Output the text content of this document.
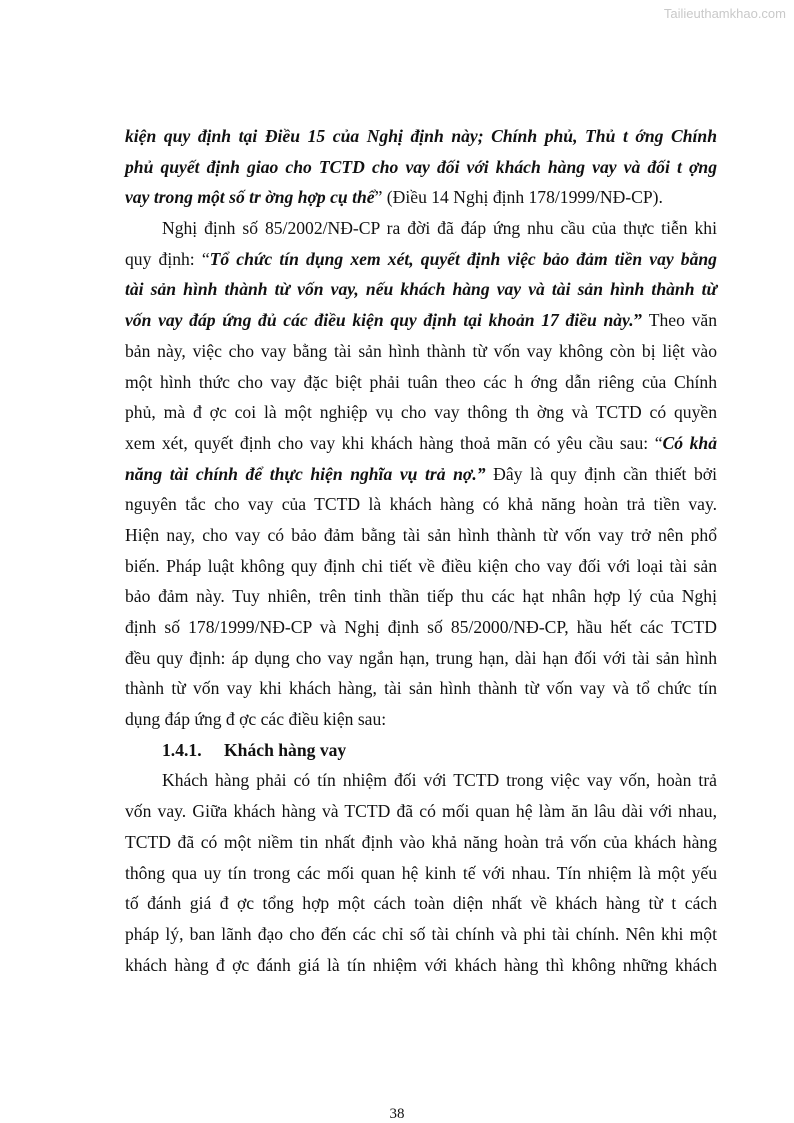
Tailieuthamkhao.com
kiện quy định tại Điều 15 của Nghị định này; Chính phủ, Thủ t ớng Chính
phủ quyết định giao cho TCTD cho vay đối với khách hàng vay và đối t ợng
vay trong một số tr ờng hợp cụ thể” (Điều 14 Nghị định 178/1999/NĐ-CP).
Nghị định số 85/2002/NĐ-CP ra đời đã đáp ứng nhu cầu của thực tiễn khi
quy định: “Tổ chức tín dụng xem xét, quyết định việc bảo đảm tiền vay bằng
tài sản hình thành từ vốn vay, nếu khách hàng vay và tài sản hình thành từ
vốn vay đáp ứng đủ các điều kiện quy định tại khoản 17 điều này.” Theo văn
bản này, việc cho vay bằng tài sản hình thành từ vốn vay không còn bị liệt vào
một hình thức cho vay đặc biệt phải tuân theo các h ớng dẫn riêng của Chính
phủ, mà đ ợc coi là một nghiệp vụ cho vay thông th ờng và TCTD có quyền
xem xét, quyết định cho vay khi khách hàng thoả mãn có yêu cầu sau: “Có khả
năng tài chính để thực hiện nghĩa vụ trả nợ.” Đây là quy định cần thiết bởi
nguyên tắc cho vay của TCTD là khách hàng có khả năng hoàn trả tiền vay.
Hiện nay, cho vay có bảo đảm bằng tài sản hình thành từ vốn vay trở nên phổ
biến. Pháp luật không quy định chi tiết về điều kiện cho vay đối với loại tài sản
bảo đảm này. Tuy nhiên, trên tinh thần tiếp thu các hạt nhân hợp lý của Nghị
định số 178/1999/NĐ-CP và Nghị định số 85/2000/NĐ-CP, hầu hết các TCTD
đều quy định: áp dụng cho vay ngắn hạn, trung hạn, dài hạn đối với tài sản hình
thành từ vốn vay khi khách hàng, tài sản hình thành từ vốn vay và tổ chức tín
dụng đáp ứng đ ợc các điều kiện sau:
1.4.1. Khách hàng vay
Khách hàng phải có tín nhiệm đối với TCTD trong việc vay vốn, hoàn trả
vốn vay. Giữa khách hàng và TCTD đã có mối quan hệ làm ăn lâu dài với nhau,
TCTD đã có một niềm tin nhất định vào khả năng hoàn trả vốn của khách hàng
thông qua uy tín trong các mối quan hệ kinh tế với nhau. Tín nhiệm là một yếu
tố đánh giá đ ợc tổng hợp một cách toàn diện nhất về khách hàng từ t cách
pháp lý, ban lãnh đạo cho đến các chỉ số tài chính và phi tài chính. Nên khi một
khách hàng đ ợc đánh giá là tín nhiệm với khách hàng thì không những khách
38
